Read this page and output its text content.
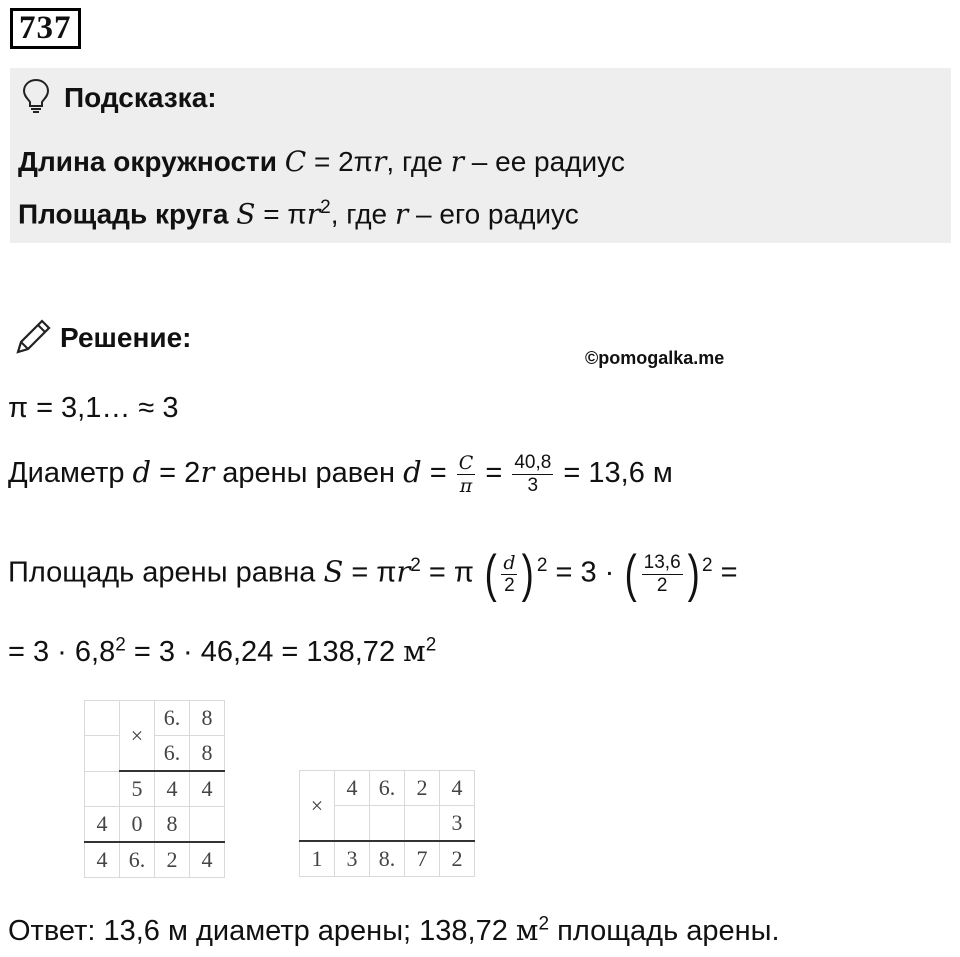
737
Подсказка:
Длина окружности C = 2πr, где r – ее радиус
Площадь круга $S = \pi r^2$, где r – его радиус
Решение:
©pomogalka.me
π = 3,1… ≈ 3
Диаметр d = 2r арены равен $d = \frac{C}{\pi} = \frac{40,8}{3} = 13,6$ м
Площадь арены равна $S = \pi r^2 = \pi$ ( $\frac{d}{2}$ ) $^2$ = 3 · ( $\frac{13,6}{2}$ ) $^2$ =
= $3 \cdot 6,8^2 = 3 \cdot 46,24 = 138,72$ $м^2$
	×	6.	8
		6.	8
	5	4	4
4	0	8	
4	6.	2	4
×	4	6.	2	4
				3
1	3	8.	7	2
Ответ: 13,6 м диаметр арены; 138,72 $м^2$ площадь арены.
